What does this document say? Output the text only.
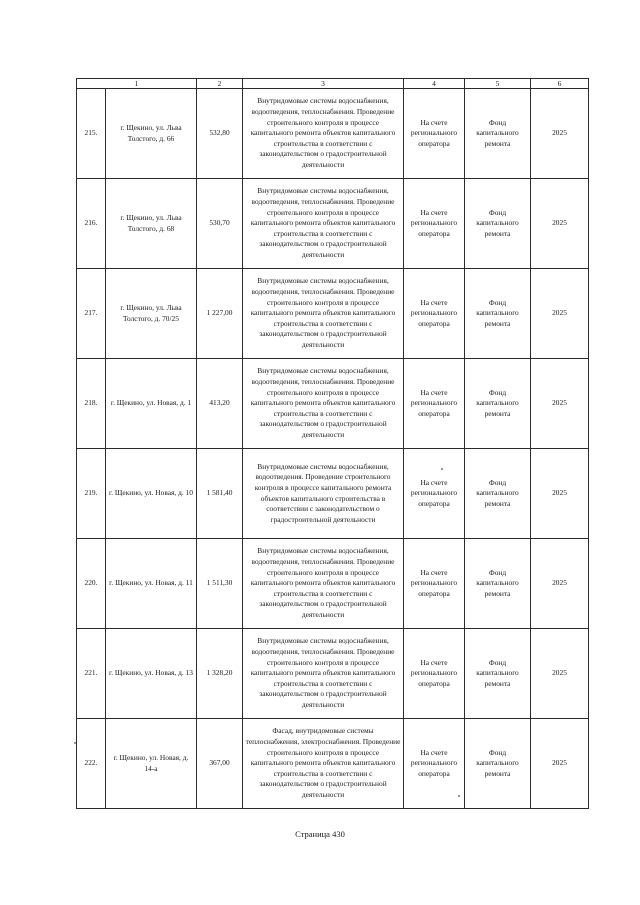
1		2	3	4	5	6
215.	г. Щекино, ул. Льва Толстого, д. 66	532,80	Внутридомовые системы водоснабжения, водоотведения, теплоснабжения. Проведение строительного контроля в процессе капитального ремонта объектов капитального строительства в соответствии с законодательством о градостроительной деятельности	На счете регионального оператора	Фонд капитального ремонта	2025
216.	г. Щекино, ул. Льва Толстого, д. 68	530,70	Внутридомовые системы водоснабжения, водоотведения, теплоснабжения. Проведение строительного контроля в процессе капитального ремонта объектов капитального строительства в соответствии с законодательством о градостроительной деятельности	На счете регионального оператора	Фонд капитального ремонта	2025
217.	г. Щекино, ул. Льва Толстого, д. 70/25	1 227,00	Внутридомовые системы водоснабжения, водоотведения, теплоснабжения. Проведение строительного контроля в процессе капитального ремонта объектов капитального строительства в соответствии с законодательством о градостроительной деятельности	На счете регионального оператора	Фонд капитального ремонта	2025
218.	г. Щекино, ул. Новая, д. 1	413,20	Внутридомовые системы водоснабжения, водоотведения, теплоснабжения. Проведение строительного контроля в процессе капитального ремонта объектов капитального строительства в соответствии с законодательством о градостроительной деятельности	На счете регионального оператора	Фонд капитального ремонта	2025
219.	г. Щекино, ул. Новая, д. 10	1 581,40	Внутридомовые системы водоснабжения, водоотведения. Проведение строительного контроля в процессе капитального ремонта объектов капитального строительства в соответствии с законодательством о градостроительной деятельности	На счете регионального оператора	Фонд капитального ремонта	2025
220.	г. Щекино, ул. Новая, д. 11	1 511,30	Внутридомовые системы водоснабжения, водоотведения, теплоснабжения. Проведение строительного контроля в процессе капитального ремонта объектов капитального строительства в соответствии с законодательством о градостроительной деятельности	На счете регионального оператора	Фонд капитального ремонта	2025
221.	г. Щекино, ул. Новая, д. 13	1 328,20	Внутридомовые системы водоснабжения, водоотведения, теплоснабжения. Проведение строительного контроля в процессе капитального ремонта объектов капитального строительства в соответствии с законодательством о градостроительной деятельности	На счете регионального оператора	Фонд капитального ремонта	2025
222.	г. Щекино, ул. Новая, д. 14-а	367,00	Фасад, внутридомовые системы теплоснабжения, электроснабжения. Проведение строительного контроля в процессе капитального ремонта объектов капитального строительства в соответствии с законодательством о градостроительной деятельности	На счете регионального оператора	Фонд капитального ремонта	2025
Страница 430
